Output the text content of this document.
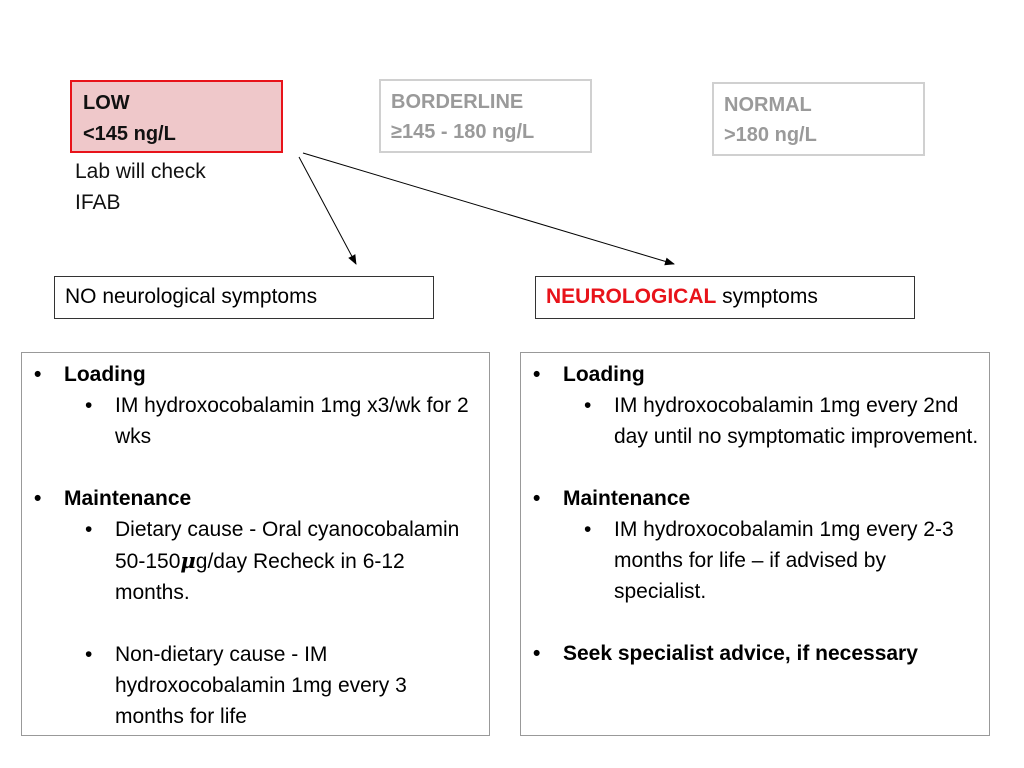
LOW
<145 ng/L
BORDERLINE
≥145 - 180 ng/L
NORMAL
>180 ng/L
Lab will check
IFAB
NO neurological symptoms	NEUROLOGICAL symptoms
• Loading
• IM hydroxocobalamin 1mg x3/wk for 2 wks
• Maintenance
• Dietary cause - Oral cyanocobalamin 50-150𝝁g/day Recheck in 6-12 months.
• Non-dietary cause - IM hydroxocobalamin 1mg every 3 months for life
• Loading
• IM hydroxocobalamin 1mg every 2nd day until no symptomatic improvement.
• Maintenance
• IM hydroxocobalamin 1mg every 2-3 months for life – if advised by specialist.
• Seek specialist advice, if necessary
